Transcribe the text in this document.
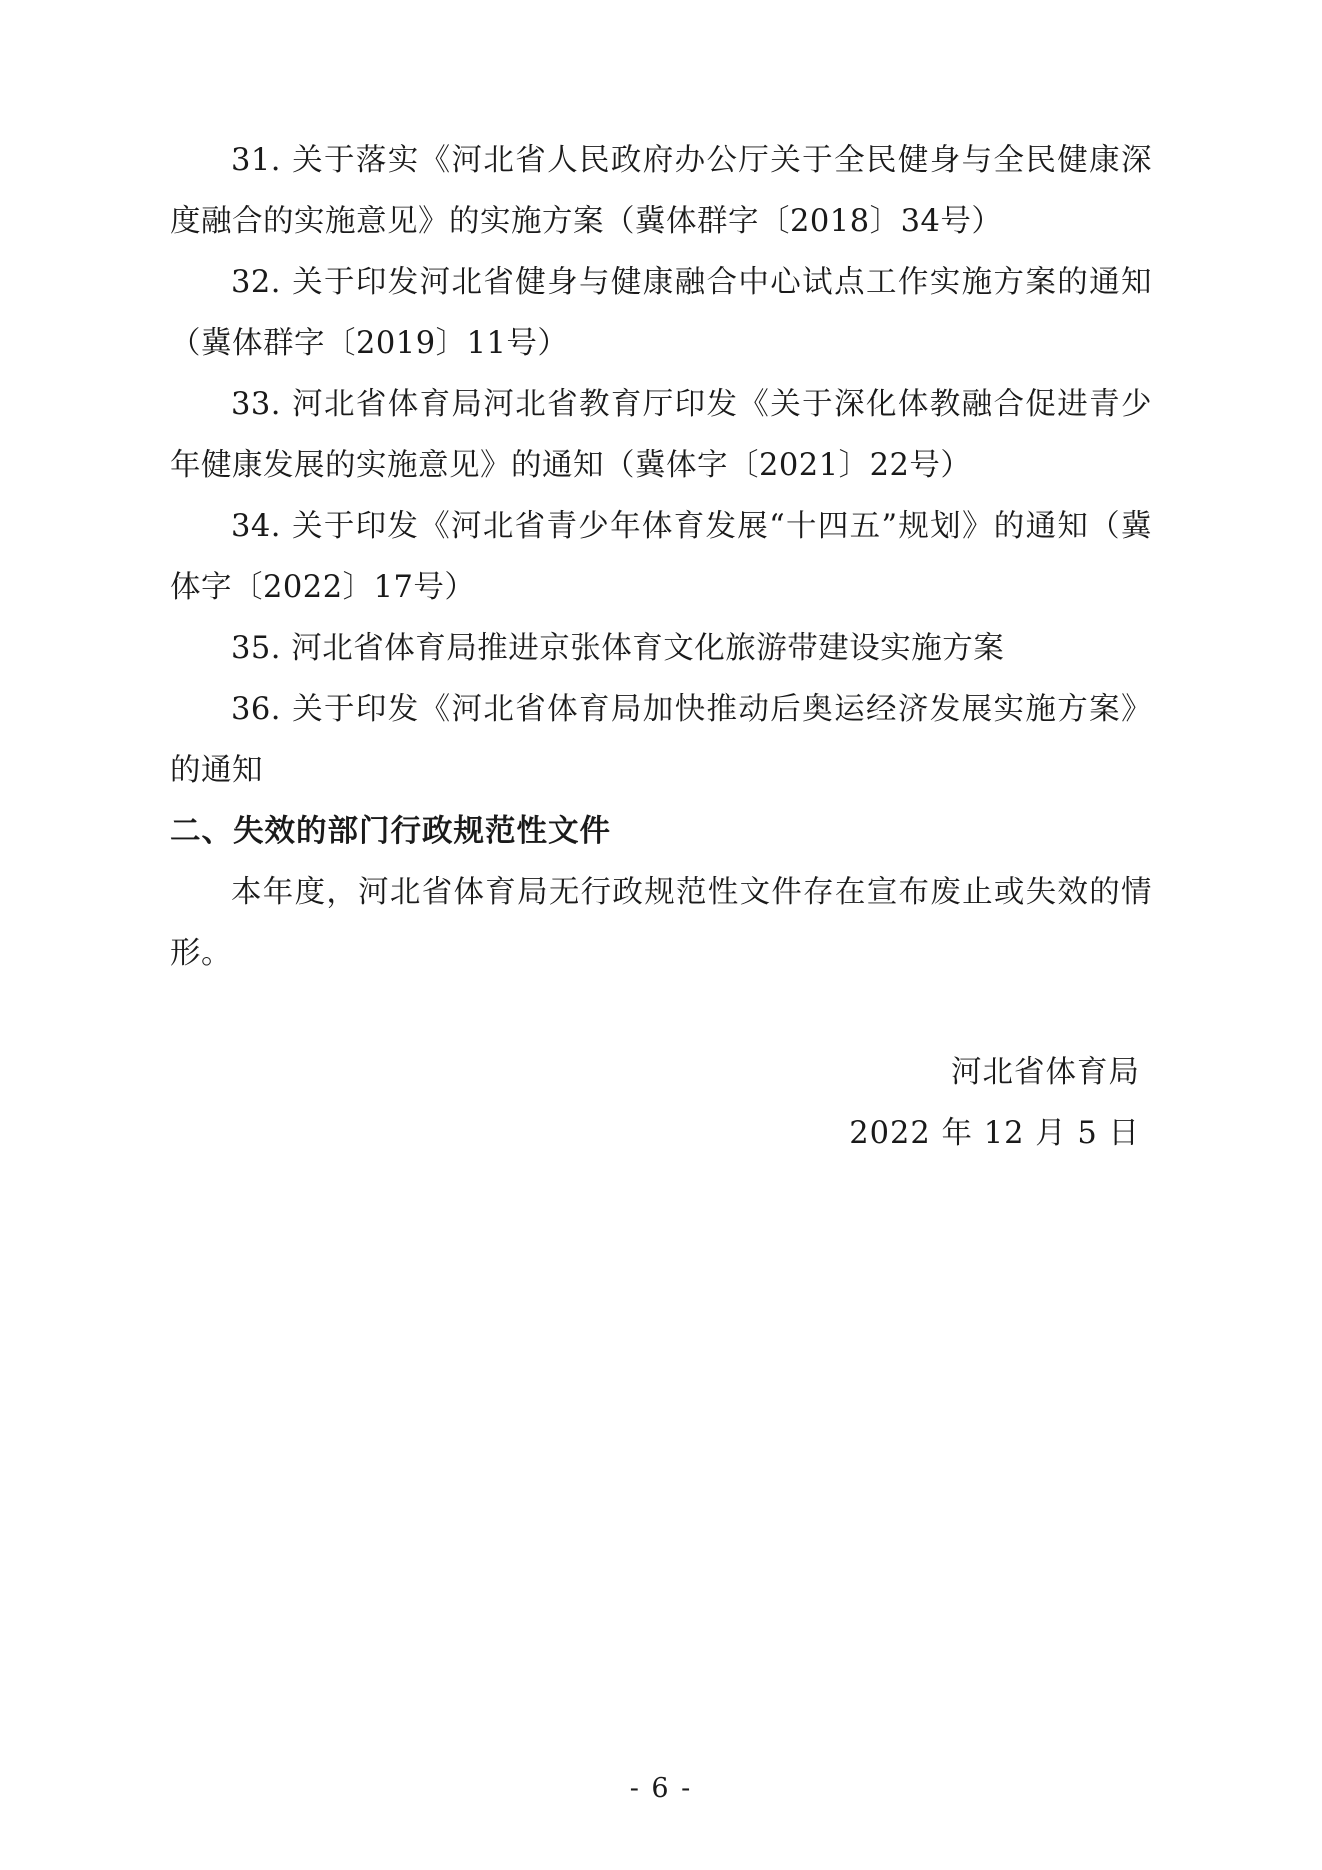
31. 关于落实《河北省人民政府办公厅关于全民健身与全民健康深度融合的实施意见》的实施方案（冀体群字〔2018〕34号）

32. 关于印发河北省健身与健康融合中心试点工作实施方案的通知（冀体群字〔2019〕11号）

33. 河北省体育局河北省教育厅印发《关于深化体教融合促进青少年健康发展的实施意见》的通知（冀体字〔2021〕22号）

34. 关于印发《河北省青少年体育发展“十四五”规划》的通知（冀体字〔2022〕17号）

35. 河北省体育局推进京张体育文化旅游带建设实施方案

36. 关于印发《河北省体育局加快推动后奥运经济发展实施方案》的通知

二、失效的部门行政规范性文件

本年度，河北省体育局无行政规范性文件存在宣布废止或失效的情形。

河北省体育局

2022 年 12 月 5 日

- 6 -
